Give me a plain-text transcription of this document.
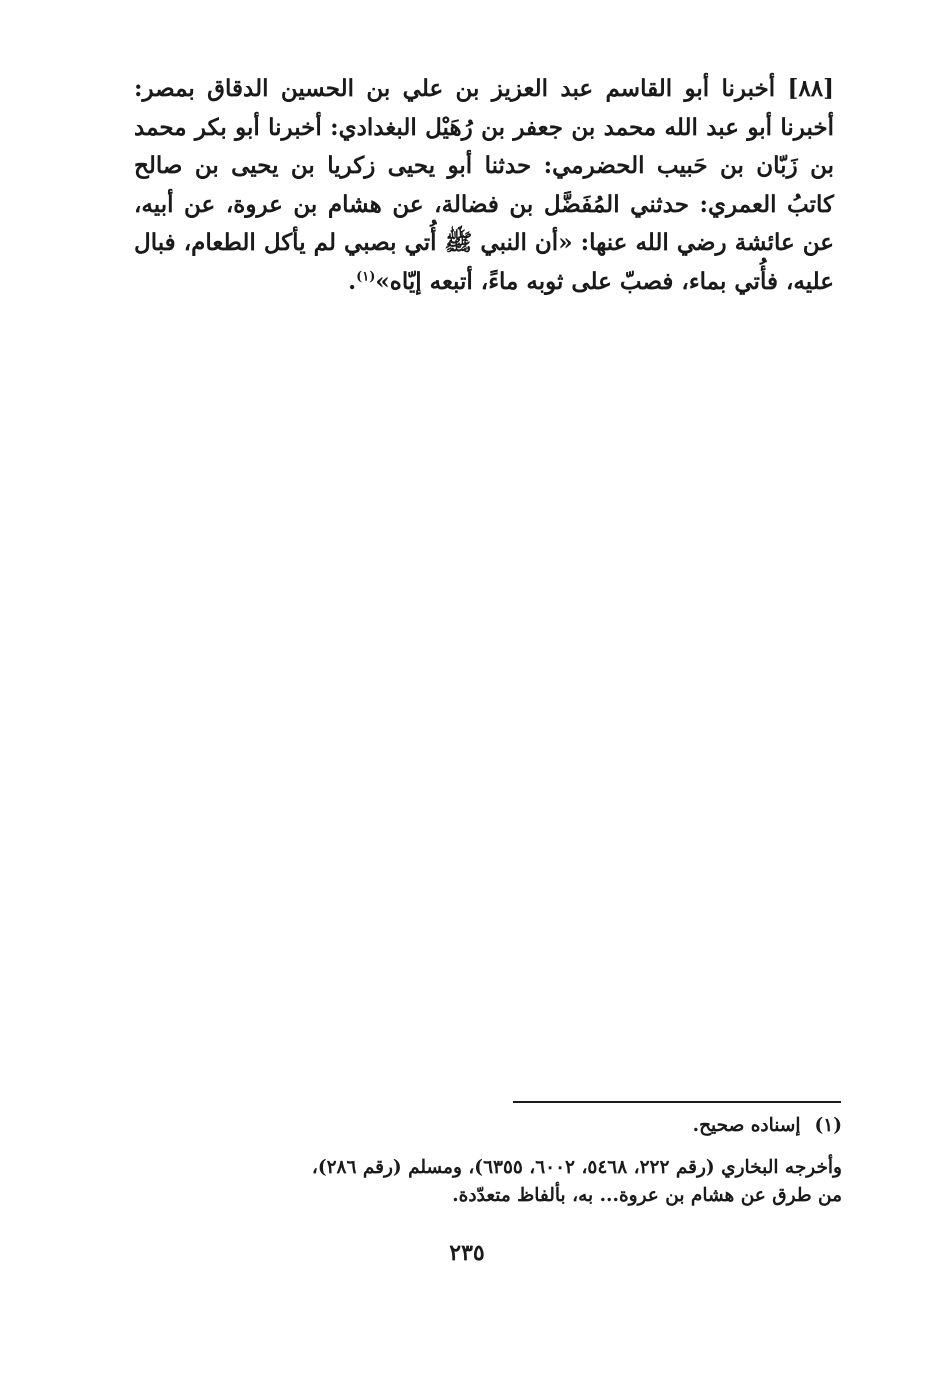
[٨٨] أخبرنا أبو القاسم عبد العزيز بن علي بن الحسين الدقاق بمصر: أخبرنا أبو عبد الله محمد بن جعفر بن رُهَيْل البغدادي: أخبرنا أبو بكر محمد بن زَبّان بن حَبيب الحضرمي: حدثنا أبو يحيى زكريا بن يحيى بن صالح كاتبُ العمري: حدثني المُفَضَّل بن فضالة، عن هشام بن عروة، عن أبيه، عن عائشة رضي الله عنها: «أن النبي ﷺ أُتي بصبي لم يأكل الطعام، فبال عليه، فأُتي بماء، فصبّ على ثوبه ماءً، أتبعه إيّاه»$^{(١)}$.

(١)إسناده صحيح.

وأخرجه البخاري (رقم ٢٢٢، ٥٤٦٨، ٦٠٠٢، ٦٣٥٥)، ومسلم (رقم ٢٨٦)،

من طرق عن هشام بن عروة... به، بألفاظ متعدّدة.

٢٣٥
